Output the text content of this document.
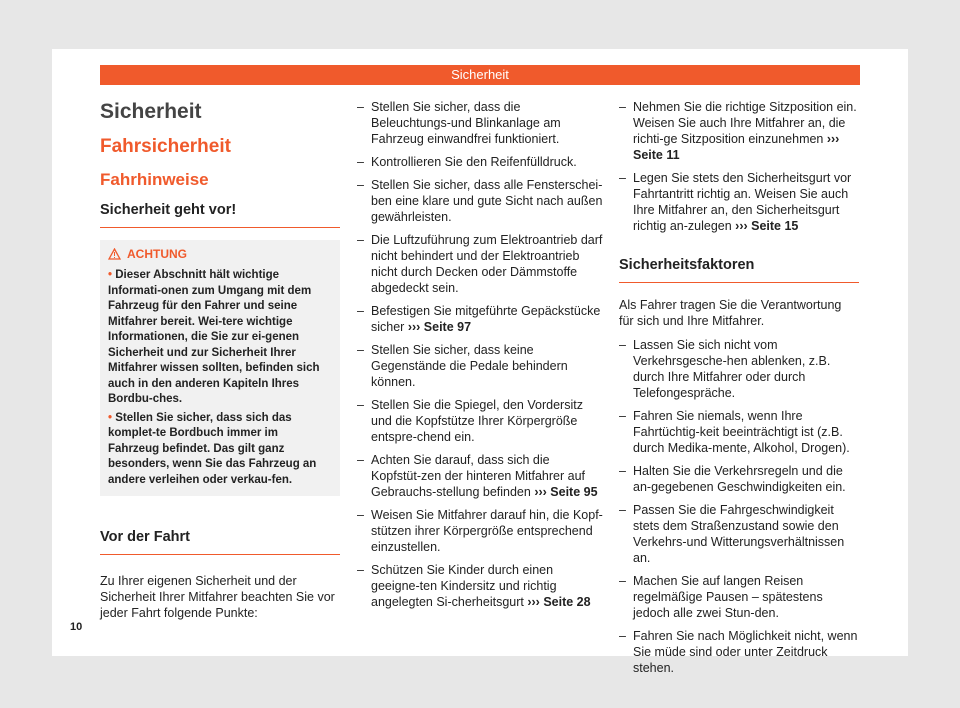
Sicherheit
Sicherheit
Fahrsicherheit
Fahrhinweise
Sicherheit geht vor!
ACHTUNG

• Dieser Abschnitt hält wichtige Informati-onen zum Umgang mit dem Fahrzeug für den Fahrer und seine Mitfahrer bereit. Wei-tere wichtige Informationen, die Sie zur ei-genen Sicherheit und zur Sicherheit Ihrer Mitfahrer wissen sollten, befinden sich auch in den anderen Kapiteln Ihres Bordbu-ches.

• Stellen Sie sicher, dass sich das komplet-te Bordbuch immer im Fahrzeug befindet. Das gilt ganz besonders, wenn Sie das Fahrzeug an andere verleihen oder verkau-fen.

Vor der Fahrt

Zu Ihrer eigenen Sicherheit und der Sicherheit Ihrer Mitfahrer beachten Sie vor jeder Fahrt folgende Punkte:

– Stellen Sie sicher, dass die Beleuchtungs-und Blinkanlage am Fahrzeug einwandfrei funktioniert.
– Kontrollieren Sie den Reifenfülldruck.
– Stellen Sie sicher, dass alle Fensterschei-ben eine klare und gute Sicht nach außen gewährleisten.
– Die Luftzuführung zum Elektroantrieb darf nicht behindert und der Elektroantrieb nicht durch Decken oder Dämmstoffe abgedeckt sein.
– Befestigen Sie mitgeführte Gepäckstücke sicher ››› Seite 97
– Stellen Sie sicher, dass keine Gegenstände die Pedale behindern können.
– Stellen Sie die Spiegel, den Vordersitz und die Kopfstütze Ihrer Körpergröße entspre-chend ein.
– Achten Sie darauf, dass sich die Kopfstüt-zen der hinteren Mitfahrer auf Gebrauchs-stellung befinden ››› Seite 95
– Weisen Sie Mitfahrer darauf hin, die Kopf-stützen ihrer Körpergröße entsprechend einzustellen.
– Schützen Sie Kinder durch einen geeigne-ten Kindersitz und richtig angelegten Si-cherheitsgurt ››› Seite 28
– Nehmen Sie die richtige Sitzposition ein. Weisen Sie auch Ihre Mitfahrer an, die richti-ge Sitzposition einzunehmen ››› Seite 11
– Legen Sie stets den Sicherheitsgurt vor Fahrtantritt richtig an. Weisen Sie auch Ihre Mitfahrer an, den Sicherheitsgurt richtig an-zulegen ››› Seite 15
Sicherheitsfaktoren

Als Fahrer tragen Sie die Verantwortung für sich und Ihre Mitfahrer.

– Lassen Sie sich nicht vom Verkehrsgesche-hen ablenken, z.B. durch Ihre Mitfahrer oder durch Telefongespräche.
– Fahren Sie niemals, wenn Ihre Fahrtüchtig-keit beeinträchtigt ist (z.B. durch Medika-mente, Alkohol, Drogen).
– Halten Sie die Verkehrsregeln und die an-gegebenen Geschwindigkeiten ein.
– Passen Sie die Fahrgeschwindigkeit stets dem Straßenzustand sowie den Verkehrs-und Witterungsverhältnissen an.
– Machen Sie auf langen Reisen regelmäßige Pausen – spätestens jedoch alle zwei Stun-den.
– Fahren Sie nach Möglichkeit nicht, wenn Sie müde sind oder unter Zeitdruck stehen.
10
